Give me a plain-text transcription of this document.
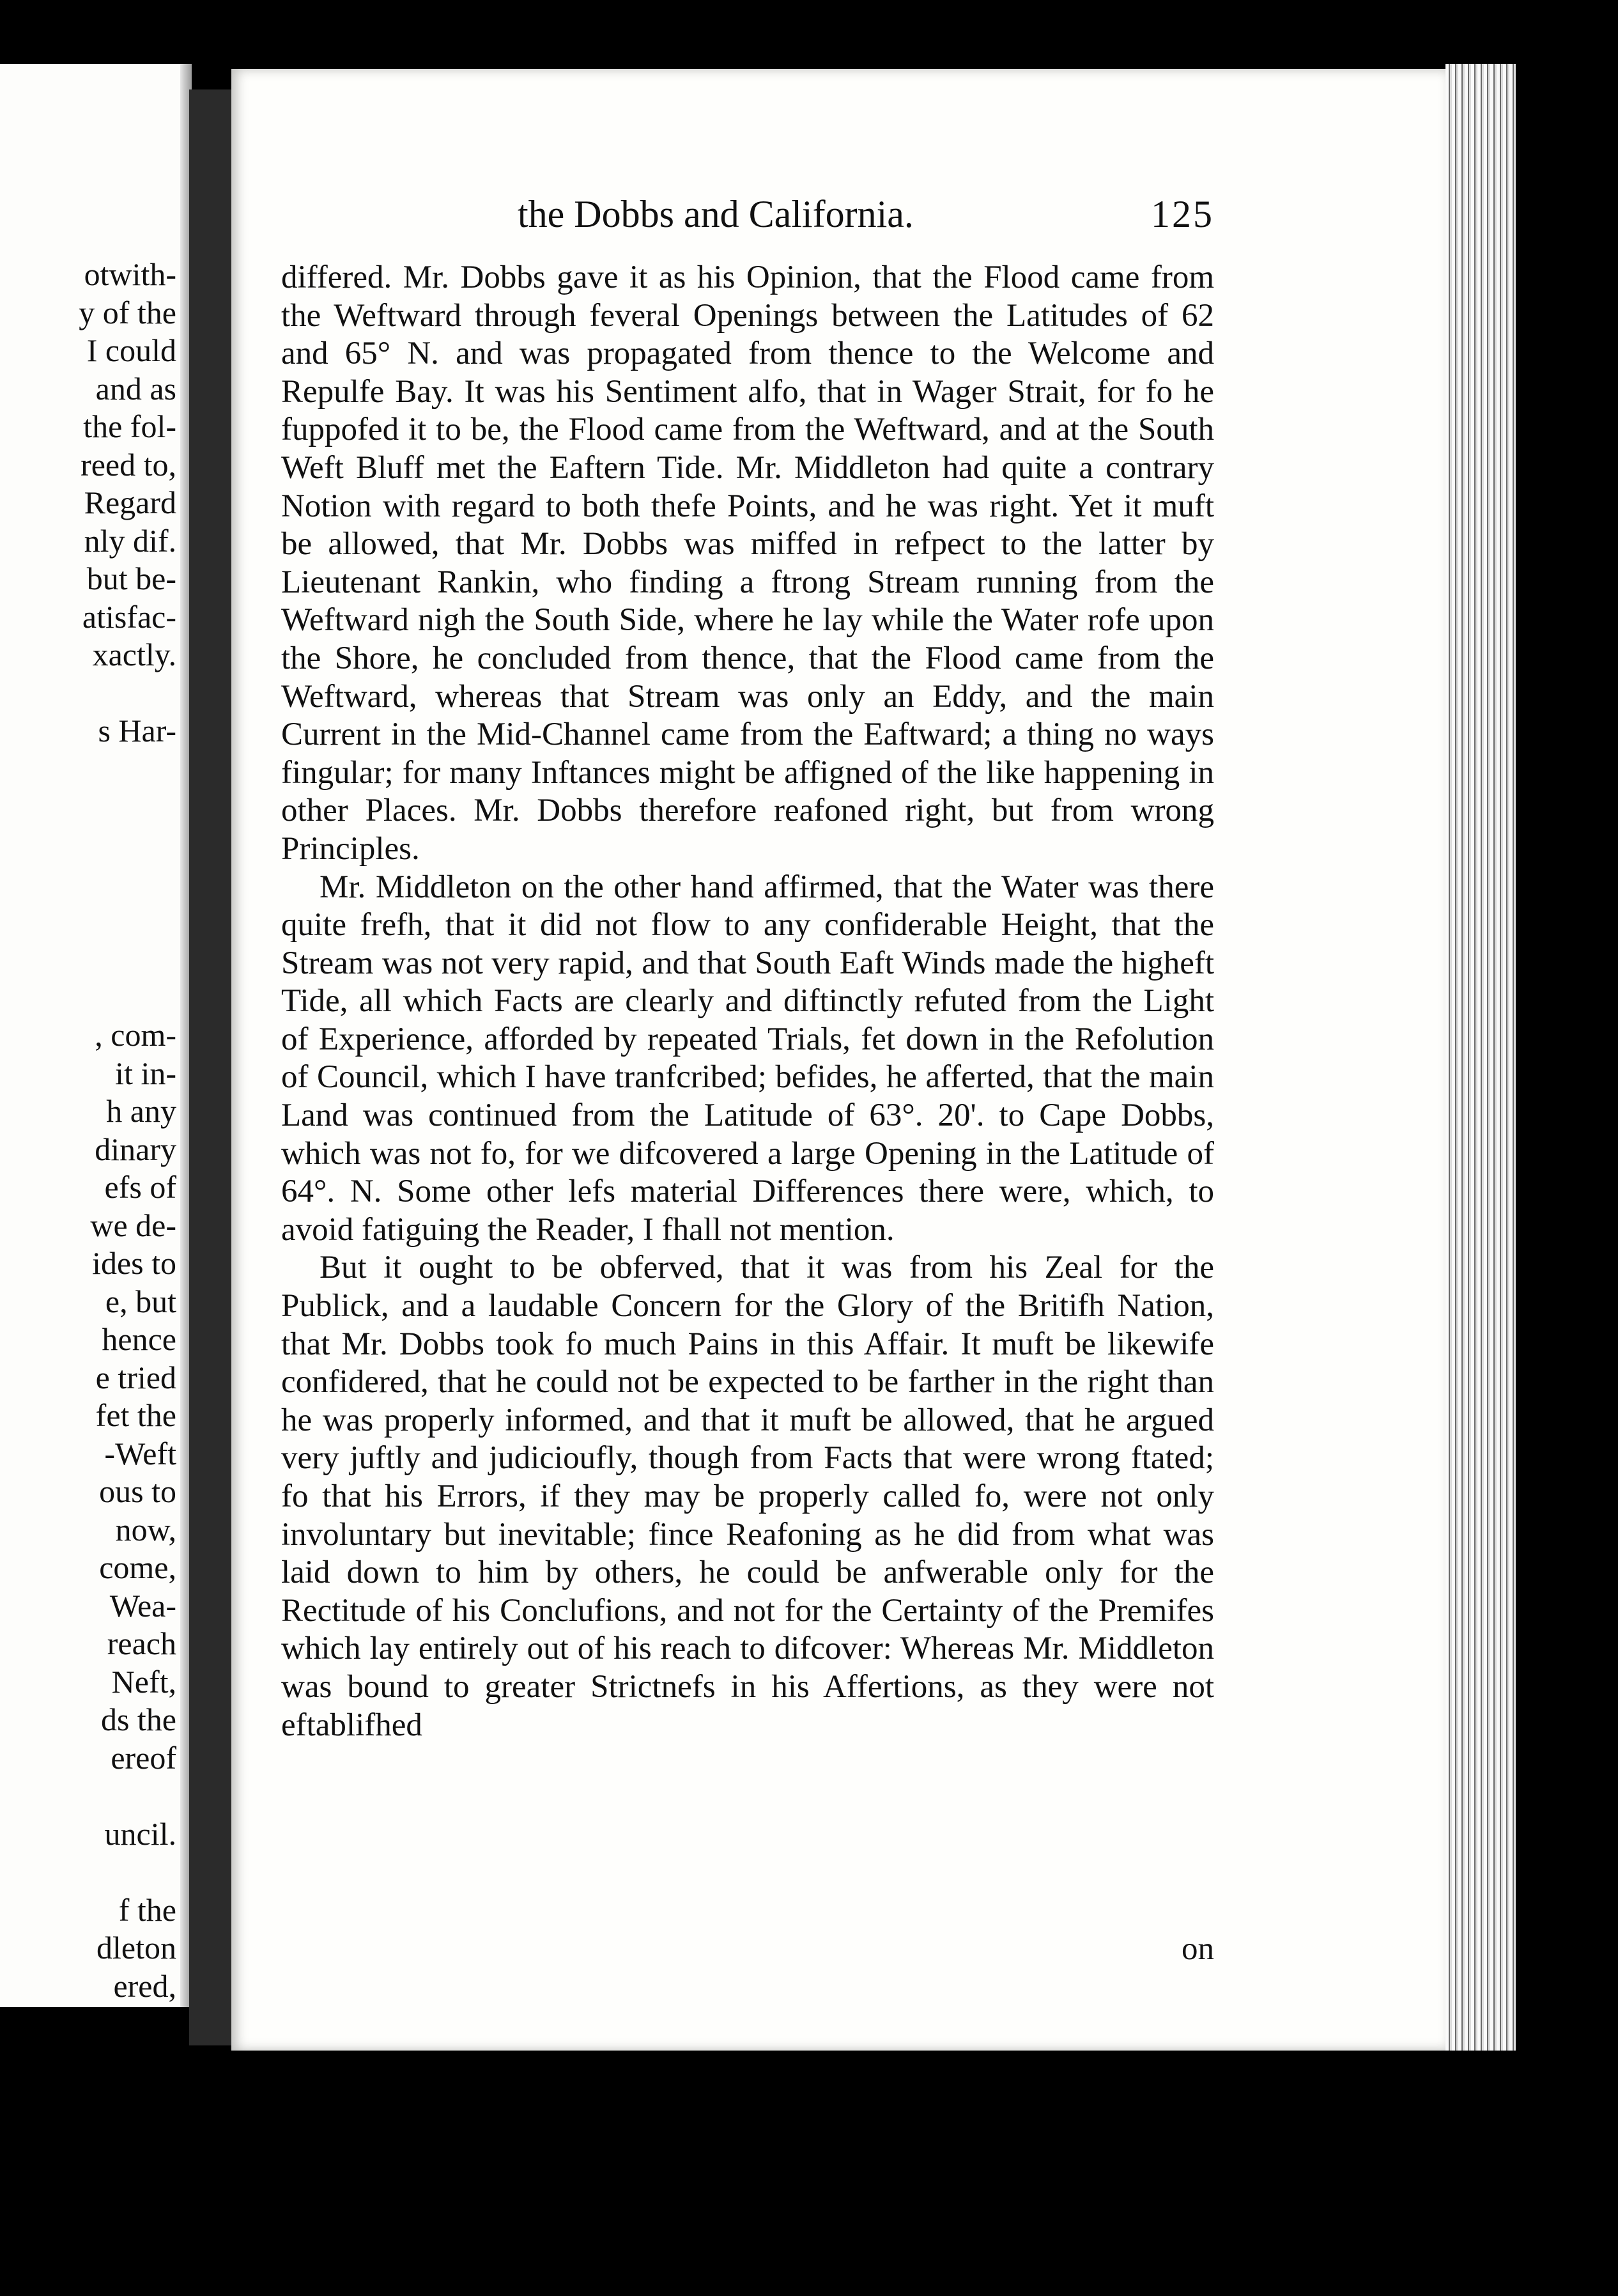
otwith-
y of the
I could
and as
the fol-
reed to,
Regard
nly dif.
but be-
atisfac-
xactly.

s Har-

, com-
it in-
h any
dinary
efs of
we de-
ides to
e, but
hence
e tried
fet the
-Weft
ous to
now,
come,
Wea-
reach
Neft,
ds the
ereof

uncil.

f the
dleton
ered,
the Dobbs and California.	125

differed. Mr. Dobbs gave it as his Opinion, that the Flood came from the Weftward through feveral Openings between the Latitudes of 62 and 65° N. and was propagated from thence to the Welcome and Repulfe Bay. It was his Sentiment alfo, that in Wager Strait, for fo he fuppofed it to be, the Flood came from the Weftward, and at the South Weft Bluff met the Eaftern Tide. Mr. Middleton had quite a contrary Notion with regard to both thefe Points, and he was right. Yet it muft be allowed, that Mr. Dobbs was miffed in refpect to the latter by Lieutenant Rankin, who finding a ftrong Stream running from the Weftward nigh the South Side, where he lay while the Water rofe upon the Shore, he concluded from thence, that the Flood came from the Weftward, whereas that Stream was only an Eddy, and the main Current in the Mid-Channel came from the Eaftward; a thing no ways fingular; for many Inftances might be affigned of the like happening in other Places. Mr. Dobbs therefore reafoned right, but from wrong Principles.

Mr. Middleton on the other hand affirmed, that the Water was there quite frefh, that it did not flow to any confiderable Height, that the Stream was not very rapid, and that South Eaft Winds made the higheft Tide, all which Facts are clearly and diftinctly refuted from the Light of Experience, afforded by repeated Trials, fet down in the Refolution of Council, which I have tranfcribed; befides, he afferted, that the main Land was continued from the Latitude of 63°. 20'. to Cape Dobbs, which was not fo, for we difcovered a large Opening in the Latitude of 64°. N. Some other lefs material Differences there were, which, to avoid fatiguing the Reader, I fhall not mention.

But it ought to be obferved, that it was from his Zeal for the Publick, and a laudable Concern for the Glory of the Britifh Nation, that Mr. Dobbs took fo much Pains in this Affair. It muft be likewife confidered, that he could not be expected to be farther in the right than he was properly informed, and that it muft be allowed, that he argued very juftly and judicioufly, though from Facts that were wrong ftated; fo that his Errors, if they may be properly called fo, were not only involuntary but inevitable; fince Reafoning as he did from what was laid down to him by others, he could be anfwerable only for the Rectitude of his Conclufions, and not for the Certainty of the Premifes which lay entirely out of his reach to difcover: Whereas Mr. Middleton was bound to greater Strictnefs in his Affertions, as they were not eftablifhed

on
